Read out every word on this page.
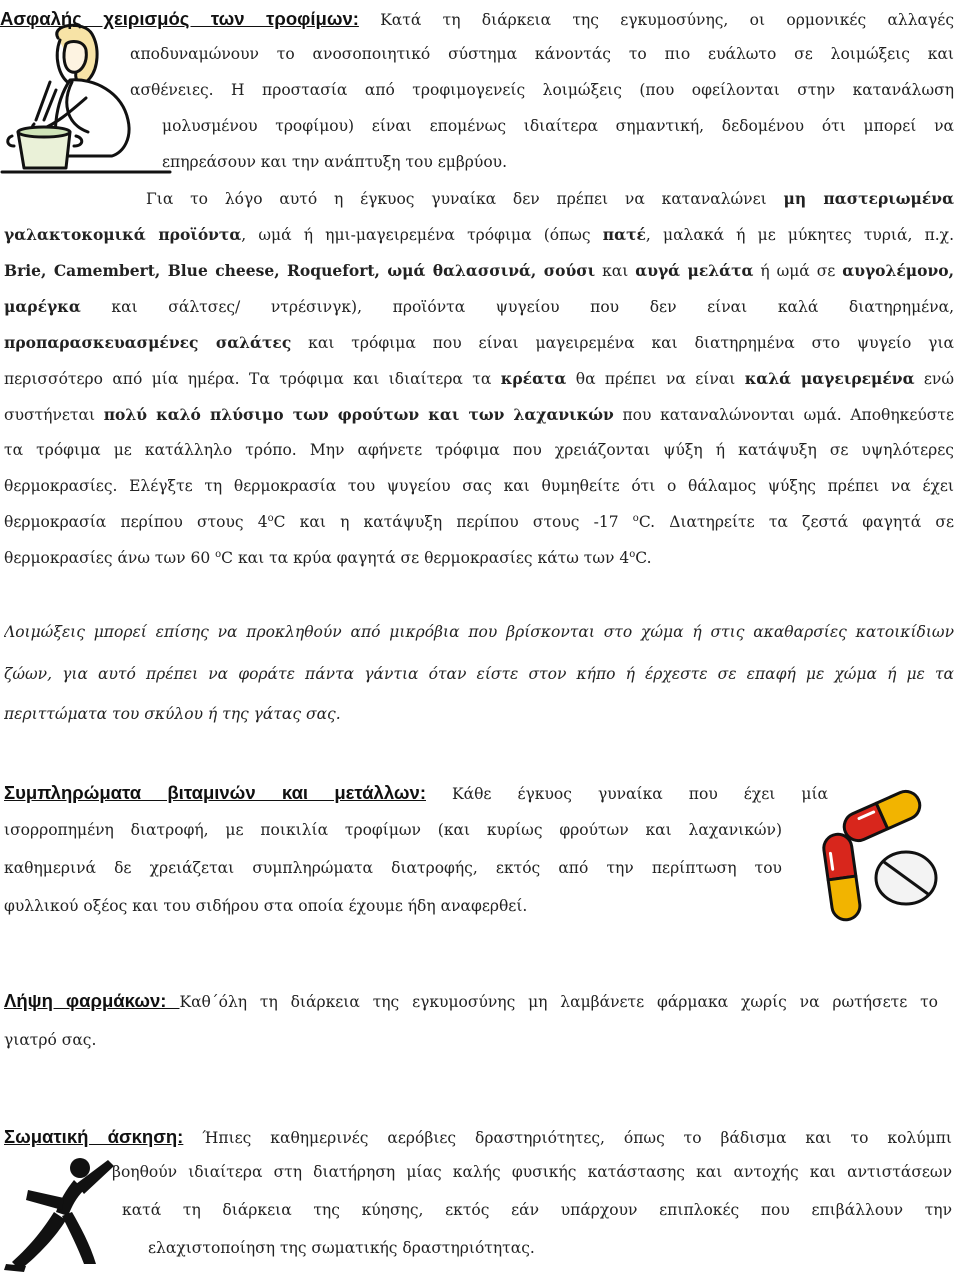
Ασφαλής χειρισμός των τροφίμων: Κατά τη διάρκεια της εγκυμοσύνης, οι ορμονικές αλλαγές
αποδυναμώνουν το ανοσοποιητικό σύστημα κάνοντάς το πιο ευάλωτο σε λοιμώξεις και
ασθένειες. Η προστασία από τροφιμογενείς λοιμώξεις (που οφείλονται στην κατανάλωση
μολυσμένου τροφίμου) είναι επομένως ιδιαίτερα σημαντική, δεδομένου ότι μπορεί να
επηρεάσουν και την ανάπτυξη του εμβρύου.
Για το λόγο αυτό η έγκυος γυναίκα δεν πρέπει να καταναλώνει μη παστεριωμένα
γαλακτοκομικά προϊόντα, ωμά ή ημι-μαγειρεμένα τρόφιμα (όπως πατέ, μαλακά ή με μύκητες τυριά, π.χ.
Brie, Camembert, Blue cheese, Roquefort, ωμά θαλασσινά, σούσι και αυγά μελάτα ή ωμά σε αυγολέμονο,
μαρέγκα και σάλτσες/ ντρέσινγκ), προϊόντα ψυγείου που δεν είναι καλά διατηρημένα,
προπαρασκευασμένες σαλάτες και τρόφιμα που είναι μαγειρεμένα και διατηρημένα στο ψυγείο για
περισσότερο από μία ημέρα. Τα τρόφιμα και ιδιαίτερα τα κρέατα θα πρέπει να είναι καλά μαγειρεμένα ενώ
συστήνεται πολύ καλό πλύσιμο των φρούτων και των λαχανικών που καταναλώνονται ωμά. Αποθηκεύστε
τα τρόφιμα με κατάλληλο τρόπο. Μην αφήνετε τρόφιμα που χρειάζονται ψύξη ή κατάψυξη σε υψηλότερες
θερμοκρασίες. Ελέγξτε τη θερμοκρασία του ψυγείου σας και θυμηθείτε ότι ο θάλαμος ψύξης πρέπει να έχει
θερμοκρασία περίπου στους $4^oC$ και η κατάψυξη περίπου στους -17 $^o$C. Διατηρείτε τα ζεστά φαγητά σε
θερμοκρασίες άνω των 60 $^o$C και τα κρύα φαγητά σε θερμοκρασίες κάτω των $4^oC$.
Λοιμώξεις μπορεί επίσης να προκληθούν από μικρόβια που βρίσκονται στο χώμα ή στις ακαθαρσίες κατοικίδιων
ζώων, για αυτό πρέπει να φοράτε πάντα γάντια όταν είστε στον κήπο ή έρχεστε σε επαφή με χώμα ή με τα
περιττώματα του σκύλου ή της γάτας σας.
Συμπληρώματα βιταμινών και μετάλλων: Κάθε έγκυος γυναίκα που έχει μία
ισορροπημένη διατροφή, με ποικιλία τροφίμων (και κυρίως φρούτων και λαχανικών)
καθημερινά δε χρειάζεται συμπληρώματα διατροφής, εκτός από την περίπτωση του
φυλλικού οξέος και του σιδήρου στα οποία έχουμε ήδη αναφερθεί.
Λήψη φαρμάκων: Καθ΄όλη τη διάρκεια της εγκυμοσύνης μη λαμβάνετε φάρμακα χωρίς να ρωτήσετε το
γιατρό σας.
Σωματική άσκηση: Ήπιες καθημερινές αερόβιες δραστηριότητες, όπως το βάδισμα και το κολύμπι
βοηθούν ιδιαίτερα στη διατήρηση μίας καλής φυσικής κατάστασης και αντοχής και αντιστάσεων
κατά τη διάρκεια της κύησης, εκτός εάν υπάρχουν επιπλοκές που επιβάλλουν την
ελαχιστοποίηση της σωματικής δραστηριότητας.
